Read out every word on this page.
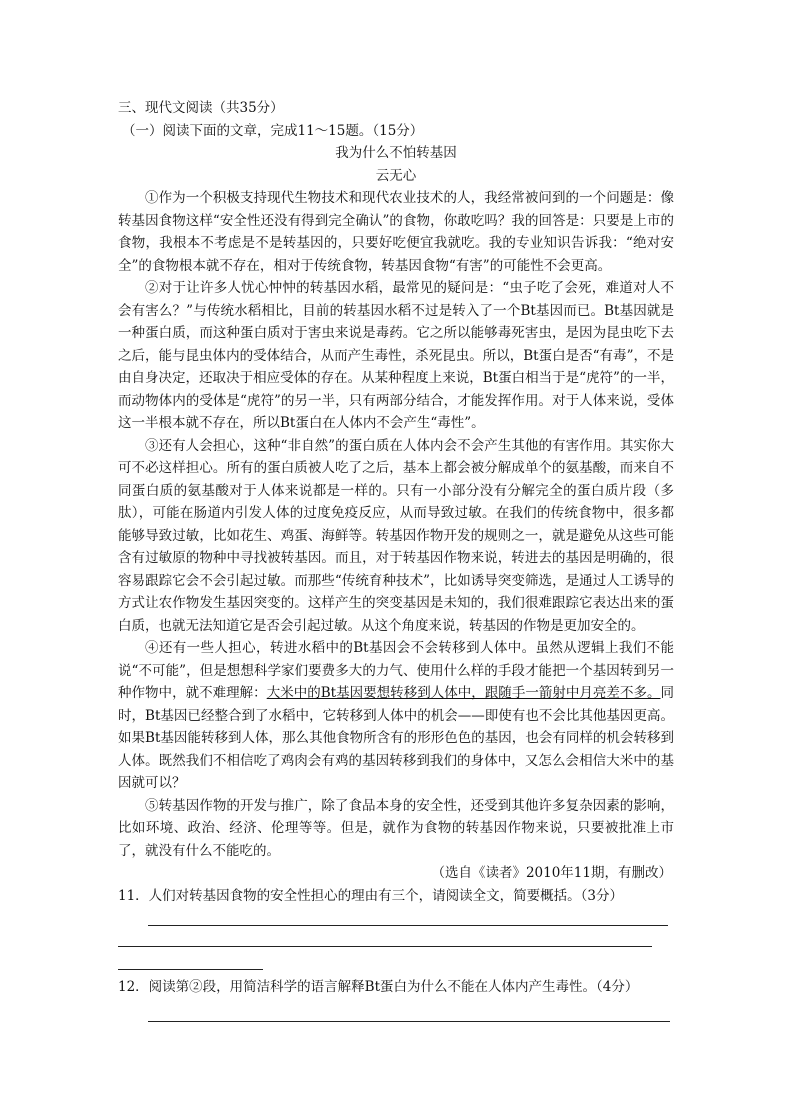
三、现代文阅读（共35分）
（一）阅读下面的文章，完成11～15题。（15分）
我为什么不怕转基因
云无心

①作为一个积极支持现代生物技术和现代农业技术的人，我经常被问到的一个问题是：像转基因食物这样“安全性还没有得到完全确认”的食物，你敢吃吗？我的回答是：只要是上市的食物，我根本不考虑是不是转基因的，只要好吃便宜我就吃。我的专业知识告诉我：“绝对安全”的食物根本就不存在，相对于传统食物，转基因食物“有害”的可能性不会更高。

②对于让许多人忧心忡忡的转基因水稻，最常见的疑问是：“虫子吃了会死，难道对人不会有害么？”与传统水稻相比，目前的转基因水稻不过是转入了一个Bt基因而已。Bt基因就是一种蛋白质，而这种蛋白质对于害虫来说是毒药。它之所以能够毒死害虫，是因为昆虫吃下去之后，能与昆虫体内的受体结合，从而产生毒性，杀死昆虫。所以，Bt蛋白是否“有毒”，不是由自身决定，还取决于相应受体的存在。从某种程度上来说，Bt蛋白相当于是“虎符”的一半，而动物体内的受体是“虎符”的另一半，只有两部分结合，才能发挥作用。对于人体来说，受体这一半根本就不存在，所以Bt蛋白在人体内不会产生“毒性”。

③还有人会担心，这种“非自然”的蛋白质在人体内会不会产生其他的有害作用。其实你大可不必这样担心。所有的蛋白质被人吃了之后，基本上都会被分解成单个的氨基酸，而来自不同蛋白质的氨基酸对于人体来说都是一样的。只有一小部分没有分解完全的蛋白质片段（多肽），可能在肠道内引发人体的过度免疫反应，从而导致过敏。在我们的传统食物中，很多都能够导致过敏，比如花生、鸡蛋、海鲜等。转基因作物开发的规则之一，就是避免从这些可能含有过敏原的物种中寻找被转基因。而且，对于转基因作物来说，转进去的基因是明确的，很容易跟踪它会不会引起过敏。而那些“传统育种技术”，比如诱导突变筛选，是通过人工诱导的方式让农作物发生基因突变的。这样产生的突变基因是未知的，我们很难跟踪它表达出来的蛋白质，也就无法知道它是否会引起过敏。从这个角度来说，转基因的作物是更加安全的。

④还有一些人担心，转进水稻中的Bt基因会不会转移到人体中。虽然从逻辑上我们不能说“不可能”，但是想想科学家们要费多大的力气、使用什么样的手段才能把一个基因转到另一种作物中，就不难理解：大米中的Bt基因要想转移到人体中，跟随手一箭射中月亮差不多。同时，Bt基因已经整合到了水稻中，它转移到人体中的机会——即使有也不会比其他基因更高。如果Bt基因能转移到人体，那么其他食物所含有的形形色色的基因，也会有同样的机会转移到人体。既然我们不相信吃了鸡肉会有鸡的基因转移到我们的身体中，又怎么会相信大米中的基因就可以？

⑤转基因作物的开发与推广，除了食品本身的安全性，还受到其他许多复杂因素的影响，比如环境、政治、经济、伦理等等。但是，就作为食物的转基因作物来说，只要被批准上市了，就没有什么不能吃的。

（选自《读者》2010年11期，有删改）
11．人们对转基因食物的安全性担心的理由有三个，请阅读全文，简要概括。（3分）
12．阅读第②段，用简洁科学的语言解释Bt蛋白为什么不能在人体内产生毒性。（4分）
